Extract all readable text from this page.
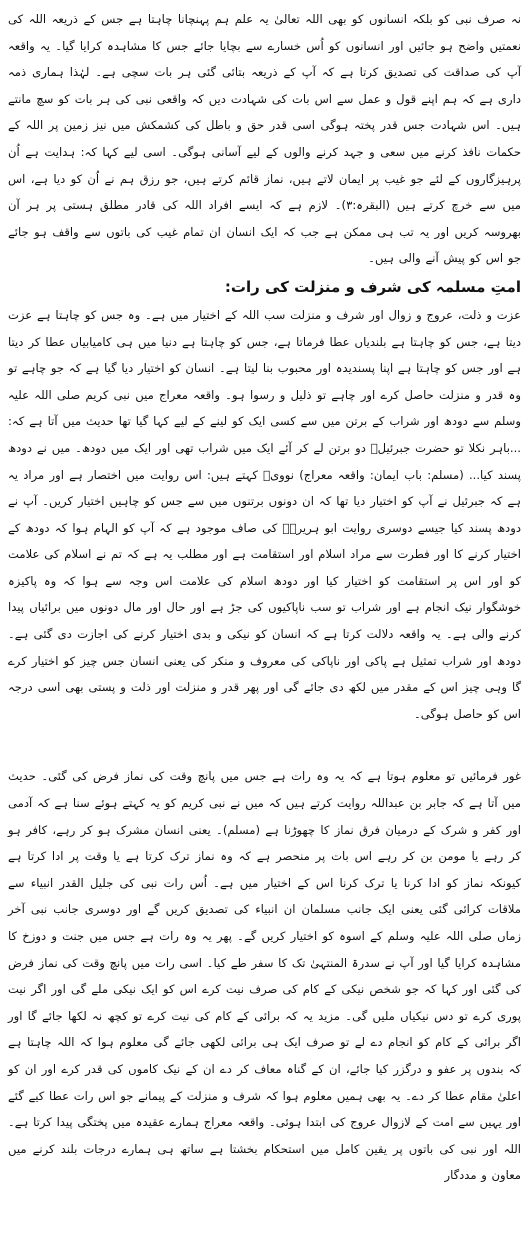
نہ صرف نبی کو بلکہ انسانوں کو بھی اللہ تعالیٰ یہ علم ہم پہنچانا چاہتا ہے جس کے ذریعہ اللہ کی نعمتیں واضح ہو جائیں اور انسانوں کو اُس خسارے سے بچایا جائے جس کا مشاہدہ کرایا گیا۔ یہ واقعہ آپ کی صداقت کی تصدیق کرتا ہے کہ آپ کے ذریعہ بتائی گئی ہر بات سچی ہے۔ لہٰذا ہماری ذمہ داری ہے کہ ہم اپنے قول و عمل سے اس بات کی شہادت دیں کہ واقعی نبی کی ہر بات کو سچ مانتے ہیں۔ اس شہادت جس قدر پختہ ہوگی اسی قدر حق و باطل کی کشمکش میں نیز زمین پر اللہ کے حکمات نافذ کرنے میں سعی و جہد کرنے والوں کے لیے آسانی ہوگی۔ اسی لیے کہا کہ: ہدایت ہے اُن پرہیزگاروں کے لئے جو غیب پر ایمان لاتے ہیں، نماز قائم کرتے ہیں، جو رزق ہم نے اُن کو دیا ہے، اس میں سے خرچ کرتے ہیں (البقرہ:۳)۔ لازم ہے کہ ایسے افراد اللہ کی قادر مطلق ہستی پر ہر آن بھروسہ کریں اور یہ تب ہی ممکن ہے جب کہ ایک انسان ان تمام غیب کی باتوں سے واقف ہو جائے جو اس کو پیش آنے والی ہیں۔

امتِ مسلمہ کی شرف و منزلت کی رات:

عزت و ذلت، عروج و زوال اور شرف و منزلت سب اللہ کے اختیار میں ہے۔ وہ جس کو چاہتا ہے عزت دیتا ہے، جس کو چاہتا ہے بلندیاں عطا فرماتا ہے، جس کو چاہتا ہے دنیا میں ہی کامیابیاں عطا کر دیتا ہے اور جس کو چاہتا ہے اپنا پسندیدہ اور محبوب بنا لیتا ہے۔ انسان کو اختیار دیا گیا ہے کہ جو چاہے تو وہ قدر و منزلت حاصل کرے اور چاہے تو ذلیل و رسوا ہو۔ واقعہ معراج میں نبی کریم صلی اللہ علیہ وسلم سے دودھ اور شراب کے برتن میں سے کسی ایک کو لینے کے لیے کہا گیا تھا حدیث میں آتا ہے کہ: ...باہر نکلا تو حضرت جبرئیلؑ دو برتن لے کر آئے ایک میں شراب تھی اور ایک میں دودھ۔ میں نے دودھ پسند کیا... (مسلم: باب ایمان: واقعہ معراج) نوویؒ کہتے ہیں: اس روایت میں اختصار ہے اور مراد یہ ہے کہ جبرئیل نے آپ کو اختیار دیا تھا کہ ان دونوں برتنوں میں سے جس کو چاہیں اختیار کریں۔ آپ نے دودھ پسند کیا جیسے دوسری روایت ابو ہریرہؓ کی صاف موجود ہے کہ آپ کو الہام ہوا کہ دودھ کے اختیار کرنے کا اور فطرت سے مراد اسلام اور استقامت ہے اور مطلب یہ ہے کہ تم نے اسلام کی علامت کو اور اس پر استقامت کو اختیار کیا اور دودھ اسلام کی علامت اس وجہ سے ہوا کہ وہ پاکیزہ خوشگوار نیک انجام ہے اور شراب تو سب ناپاکیوں کی جڑ ہے اور حال اور مال دونوں میں برائیاں پیدا کرنے والی ہے۔ یہ واقعہ دلالت کرتا ہے کہ انسان کو نیکی و بدی اختیار کرنے کی اجازت دی گئی ہے۔ دودھ اور شراب تمثیل ہے پاکی اور ناپاکی کی معروف و منکر کی یعنی انسان جس چیز کو اختیار کرے گا وہی چیز اس کے مقدر میں لکھ دی جائے گی اور پھر قدر و منزلت اور ذلت و پستی بھی اسی درجہ اس کو حاصل ہوگی۔

غور فرمائیں تو معلوم ہوتا ہے کہ یہ وہ رات ہے جس میں پانچ وقت کی نماز فرض کی گئی۔ حدیث میں آتا ہے کہ جابر بن عبداللہ روایت کرتے ہیں کہ میں نے نبی کریم کو یہ کہتے ہوئے سنا ہے کہ آدمی اور کفر و شرک کے درمیان فرق نماز کا چھوڑنا ہے (مسلم)۔ یعنی انسان مشرک ہو کر رہے، کافر ہو کر رہے یا مومن بن کر رہے اس بات پر منحصر ہے کہ وہ نماز ترک کرتا ہے یا وقت پر ادا کرتا ہے کیونکہ نماز کو ادا کرنا یا ترک کرنا اس کے اختیار میں ہے۔ اُس رات نبی کی جلیل القدر انبیاء سے ملاقات کرائی گئی یعنی ایک جانب مسلمان ان انبیاء کی تصدیق کریں گے اور دوسری جانب نبی آخر زماں صلی اللہ علیہ وسلم کے اسوہ کو اختیار کریں گے۔ پھر یہ وہ رات ہے جس میں جنت و دوزخ کا مشاہدہ کرایا گیا اور آپ نے سدرۃ المنتہیٰ تک کا سفر طے کیا۔ اسی رات میں پانچ وقت کی نماز فرض کی گئی اور کہا کہ جو شخص نیکی کے کام کی صرف نیت کرے اس کو ایک نیکی ملے گی اور اگر نیت پوری کرے تو دس نیکیاں ملیں گی۔ مزید یہ کہ برائی کے کام کی نیت کرے تو کچھ نہ لکھا جائے گا اور اگر برائی کے کام کو انجام دے لے تو صرف ایک ہی برائی لکھی جائے گی معلوم ہوا کہ اللہ چاہتا ہے کہ بندوں پر عفو و درگزر کیا جائے، ان کے گناہ معاف کر دے ان کے نیک کاموں کی قدر کرے اور ان کو اعلیٰ مقام عطا کر دے۔ یہ بھی ہمیں معلوم ہوا کہ شرف و منزلت کے پیمانے جو اس رات عطا کیے گئے اور یہیں سے امت کے لازوال عروج کی ابتدا ہوئی۔ واقعہ معراج ہمارے عقیدہ میں پختگی پیدا کرتا ہے۔ اللہ اور نبی کی باتوں پر یقین کامل میں استحکام بخشتا ہے ساتھ ہی ہمارے درجات بلند کرنے میں معاون و مددگار
